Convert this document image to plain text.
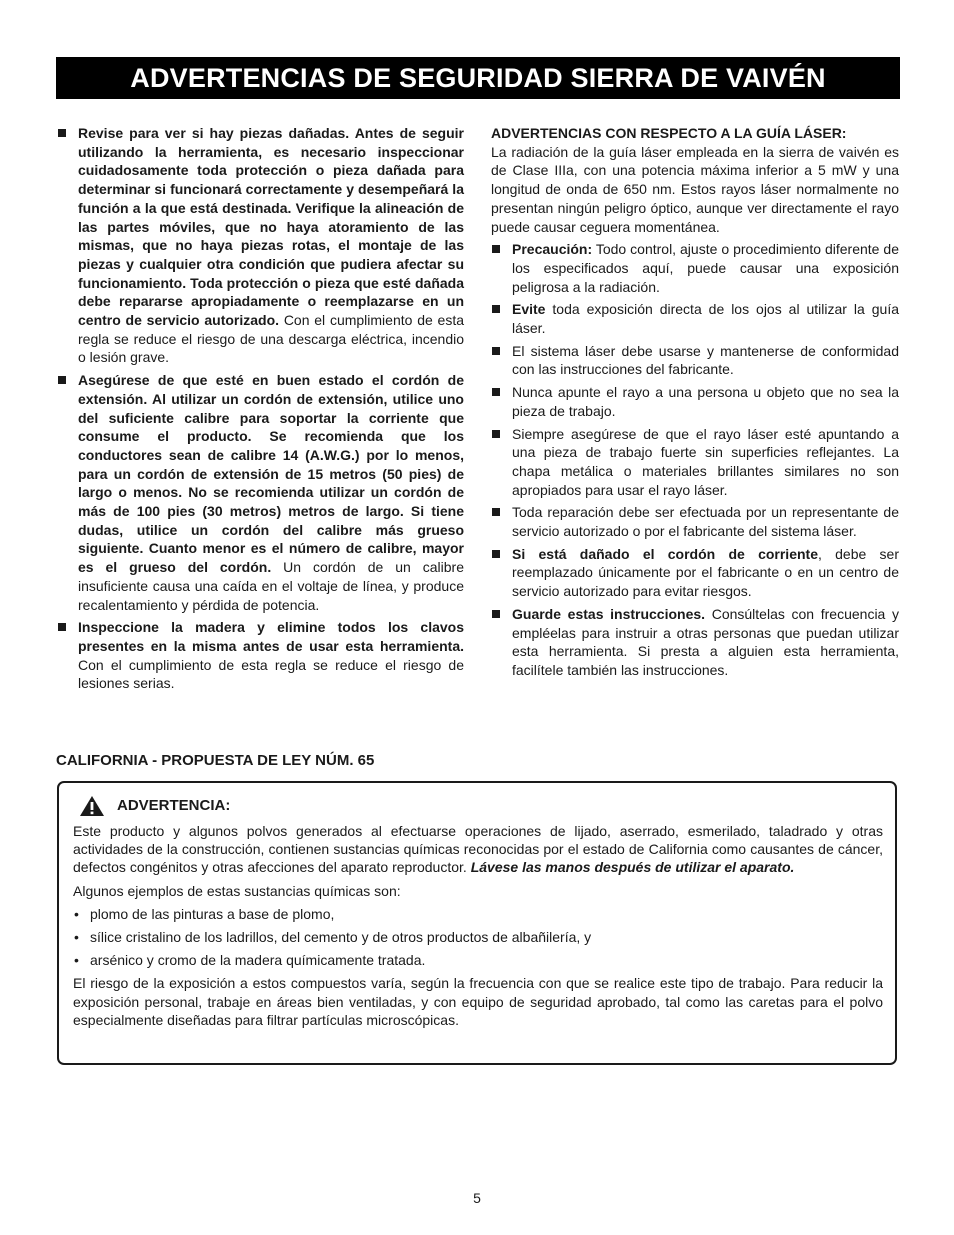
ADVERTENCIAS DE SEGURIDAD SIERRA DE VAIVÉN
Revise para ver si hay piezas dañadas. Antes de seguir utilizando la herramienta, es necesario inspeccionar cuidadosamente toda protección o pieza dañada para determinar si funcionará correctamente y desempeñará la función a la que está destinada. Verifique la alineación de las partes móviles, que no haya atoramiento de las mismas, que no haya piezas rotas, el montaje de las piezas y cualquier otra condición que pudiera afectar su funcionamiento. Toda protección o pieza que esté dañada debe repararse apropiadamente o reemplazarse en un centro de servicio autorizado. Con el cumplimiento de esta regla se reduce el riesgo de una descarga eléctrica, incendio o lesión grave.
Asegúrese de que esté en buen estado el cordón de extensión. Al utilizar un cordón de extensión, utilice uno del suficiente calibre para soportar la corriente que consume el producto. Se recomienda que los conductores sean de calibre 14 (A.W.G.) por lo menos, para un cordón de extensión de 15 metros (50 pies) de largo o menos. No se recomienda utilizar un cordón de más de 100 pies (30 metros) metros de largo. Si tiene dudas, utilice un cordón del calibre más grueso siguiente. Cuanto menor es el número de calibre, mayor es el grueso del cordón. Un cordón de un calibre insuficiente causa una caída en el voltaje de línea, y produce recalentamiento y pérdida de potencia.
Inspeccione la madera y elimine todos los clavos presentes en la misma antes de usar esta herramienta. Con el cumplimiento de esta regla se reduce el riesgo de lesiones serias.

ADVERTENCIAS CON RESPECTO A LA GUÍA LÁSER:

La radiación de la guía láser empleada en la sierra de vaivén es de Clase IIIa, con una potencia máxima inferior a 5 mW y una longitud de onda de 650 nm. Estos rayos láser normalmente no presentan ningún peligro óptico, aunque ver directamente el rayo puede causar ceguera momentánea.

Precaución: Todo control, ajuste o procedimiento diferente de los especificados aquí, puede causar una exposición peligrosa a la radiación.
Evite toda exposición directa de los ojos al utilizar la guía láser.
El sistema láser debe usarse y mantenerse de conformidad con las instrucciones del fabricante.
Nunca apunte el rayo a una persona u objeto que no sea la pieza de trabajo.
Siempre asegúrese de que el rayo láser esté apuntando a una pieza de trabajo fuerte sin superficies reflejantes. La chapa metálica o materiales brillantes similares no son apropiados para usar el rayo láser.
Toda reparación debe ser efectuada por un representante de servicio autorizado o por el fabricante del sistema láser.
Si está dañado el cordón de corriente, debe ser reemplazado únicamente por el fabricante o en un centro de servicio autorizado para evitar riesgos.
Guarde estas instrucciones. Consúltelas con frecuencia y empléelas para instruir a otras personas que puedan utilizar esta herramienta. Si presta a alguien esta herramienta, facilítele también las instrucciones.

CALIFORNIA - PROPUESTA DE LEY NÚM. 65

ADVERTENCIA:

Este producto y algunos polvos generados al efectuarse operaciones de lijado, aserrado, esmerilado, taladrado y otras actividades de la construcción, contienen sustancias químicas reconocidas por el estado de California como causantes de cáncer, defectos congénitos y otras afecciones del aparato reproductor. Lávese las manos después de utilizar el aparato.

Algunos ejemplos de estas sustancias químicas son:

• plomo de las pinturas a base de plomo,
• sílice cristalino de los ladrillos, del cemento y de otros productos de albañilería, y
• arsénico y cromo de la madera químicamente tratada.

El riesgo de la exposición a estos compuestos varía, según la frecuencia con que se realice este tipo de trabajo. Para reducir la exposición personal, trabaje en áreas bien ventiladas, y con equipo de seguridad aprobado, tal como las caretas para el polvo especialmente diseñadas para filtrar partículas microscópicas.

5
